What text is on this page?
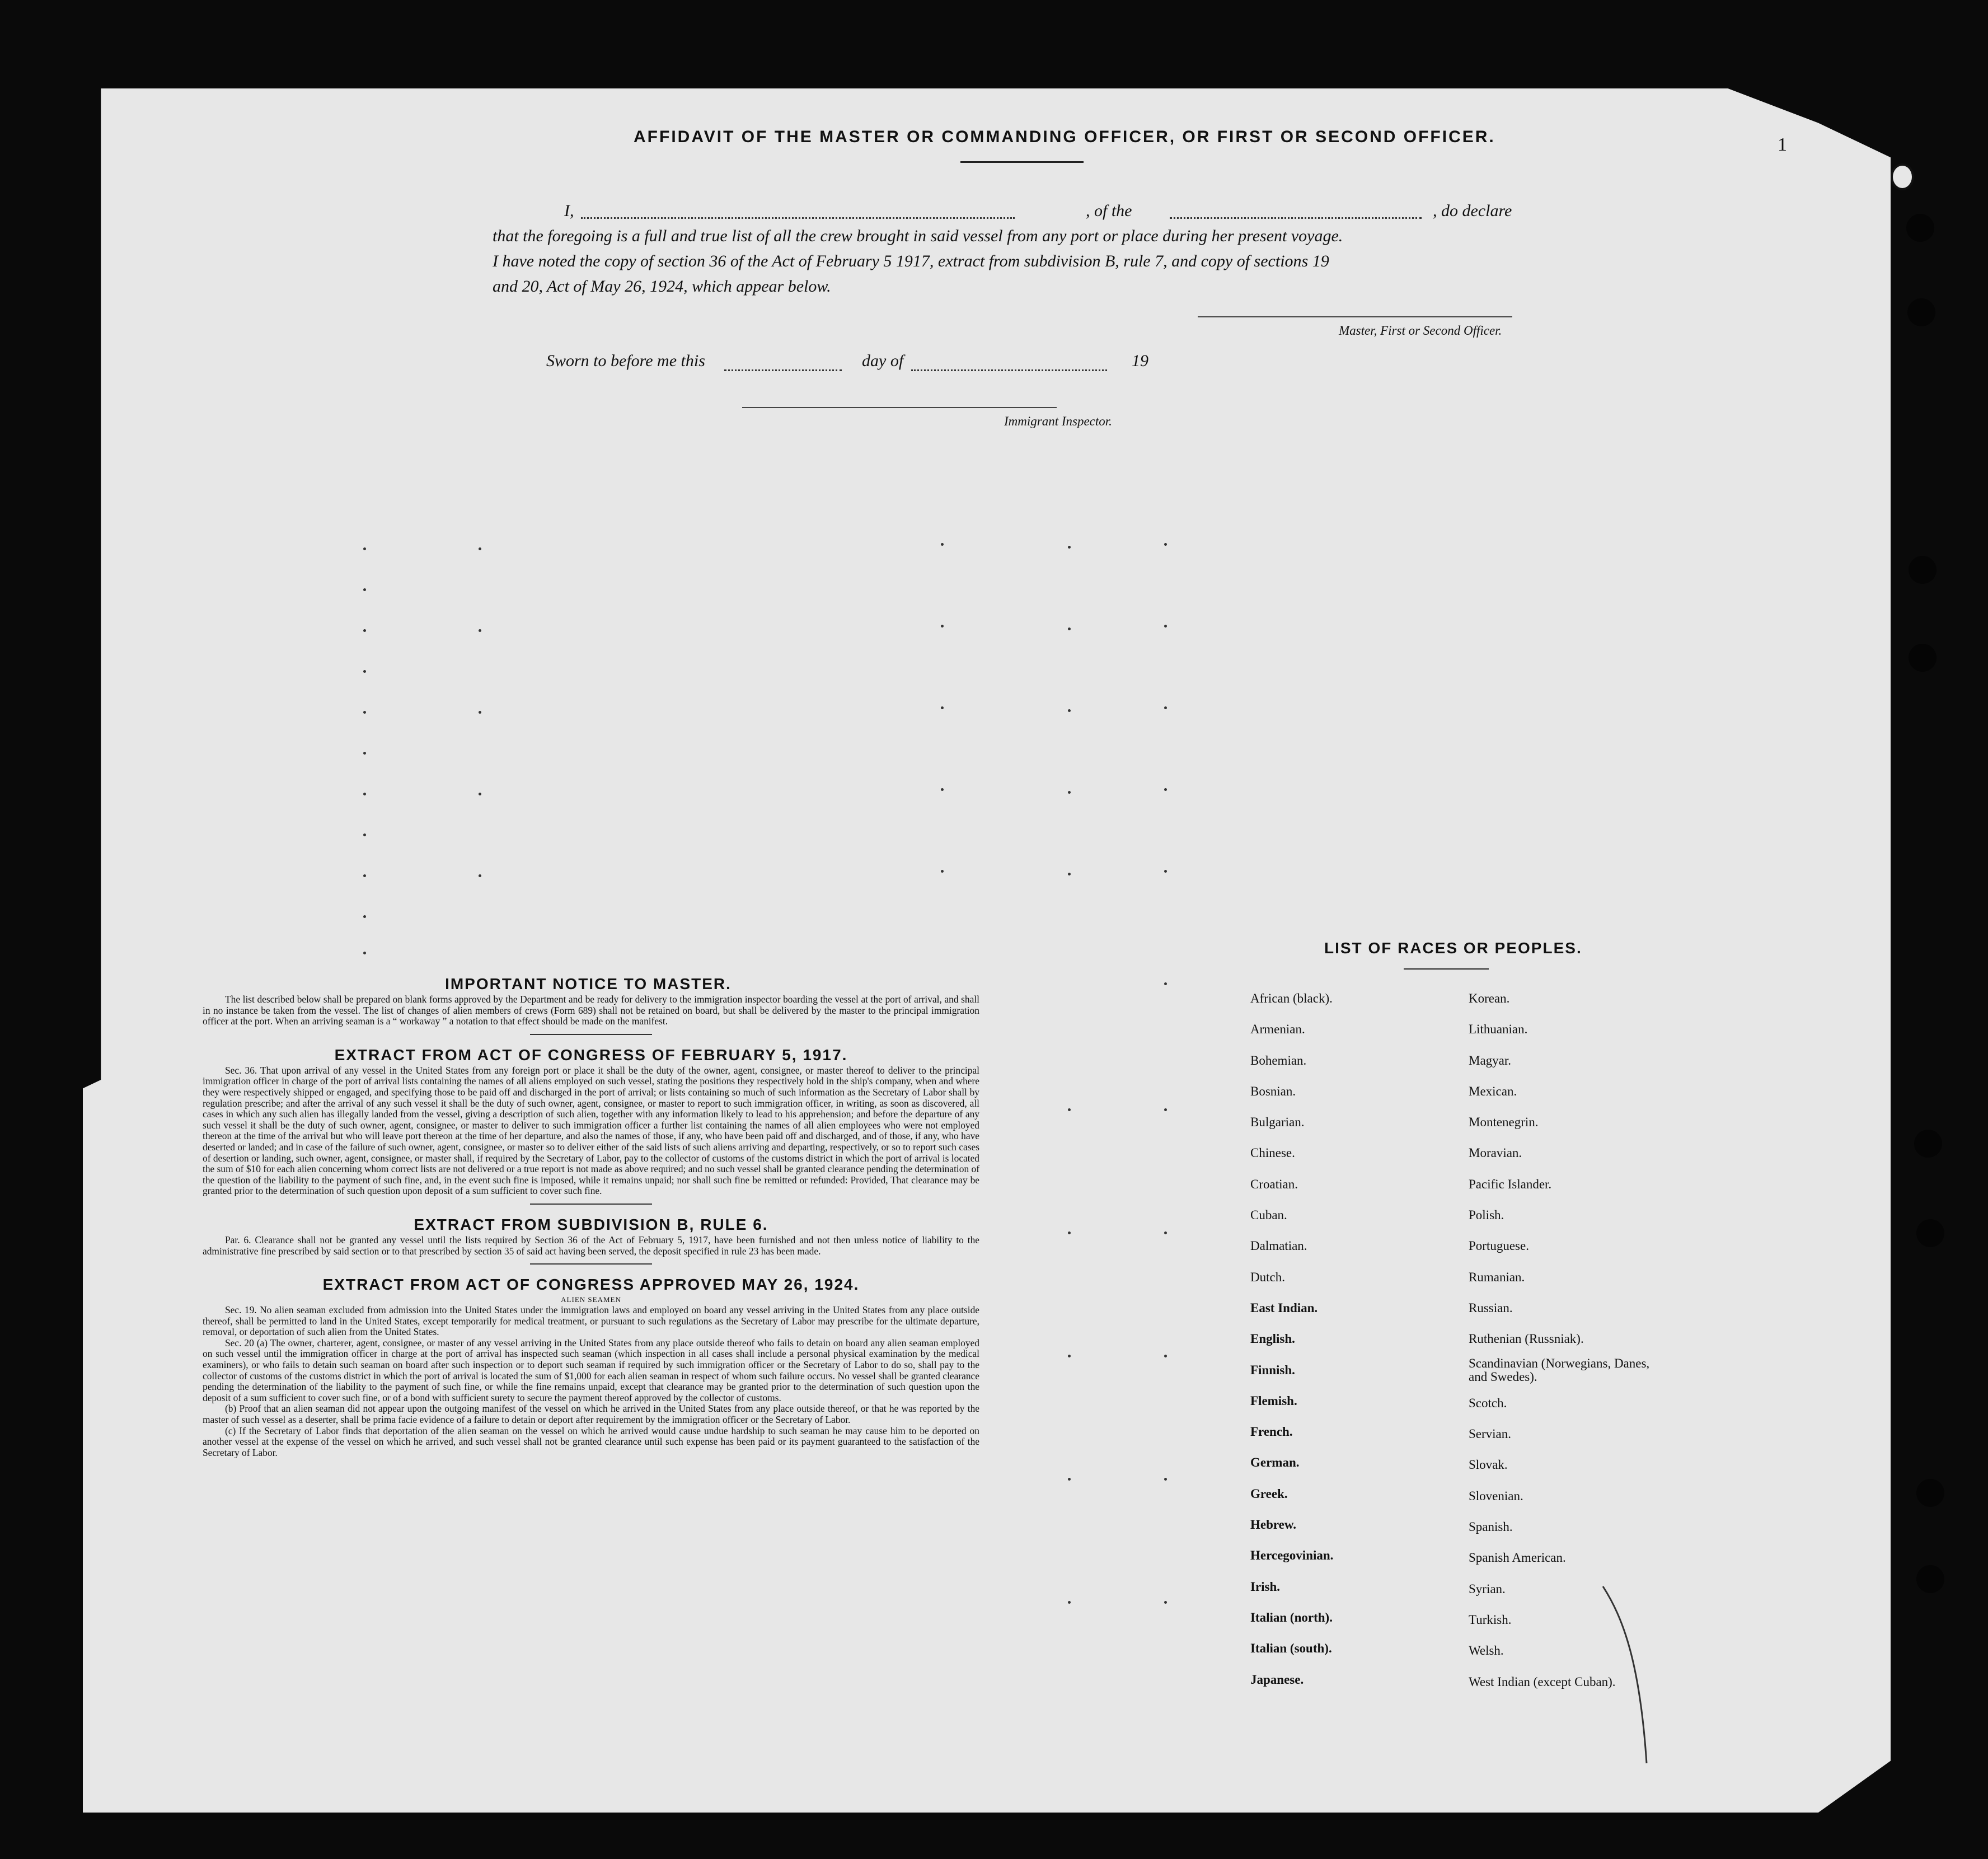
1
AFFIDAVIT OF THE MASTER OR COMMANDING OFFICER, OR FIRST OR SECOND OFFICER.
I,	, of the	, do declare
that the foregoing is a full and true list of all the crew brought in said vessel from any port or place during her present voyage.
I have noted the copy of section 36 of the Act of February 5 1917, extract from subdivision B, rule 7, and copy of sections 19
and 20, Act of May 26, 1924, which appear below.
Master, First or Second Officer.
Sworn to before me this	day of	19
Immigrant Inspector.
IMPORTANT NOTICE TO MASTER.

The list described below shall be prepared on blank forms approved by the Department and be ready for delivery to the immigration inspector boarding the vessel at the port of arrival, and shall in no instance be taken from the vessel. The list of changes of alien members of crews (Form 689) shall not be retained on board, but shall be delivered by the master to the principal immigration officer at the port. When an arriving seaman is a “ workaway ” a notation to that effect should be made on the manifest.

EXTRACT FROM ACT OF CONGRESS OF FEBRUARY 5, 1917.

Sec. 36. That upon arrival of any vessel in the United States from any foreign port or place it shall be the duty of the owner, agent, consignee, or master thereof to deliver to the principal immigration officer in charge of the port of arrival lists containing the names of all aliens employed on such vessel, stating the positions they respectively hold in the ship's company, when and where they were respectively shipped or engaged, and specifying those to be paid off and discharged in the port of arrival; or lists containing so much of such information as the Secretary of Labor shall by regulation prescribe; and after the arrival of any such vessel it shall be the duty of such owner, agent, consignee, or master to report to such immigration officer, in writing, as soon as discovered, all cases in which any such alien has illegally landed from the vessel, giving a description of such alien, together with any information likely to lead to his apprehension; and before the departure of any such vessel it shall be the duty of such owner, agent, consignee, or master to deliver to such immigration officer a further list containing the names of all alien employees who were not employed thereon at the time of the arrival but who will leave port thereon at the time of her departure, and also the names of those, if any, who have been paid off and discharged, and of those, if any, who have deserted or landed; and in case of the failure of such owner, agent, consignee, or master so to deliver either of the said lists of such aliens arriving and departing, respectively, or so to report such cases of desertion or landing, such owner, agent, consignee, or master shall, if required by the Secretary of Labor, pay to the collector of customs of the customs district in which the port of arrival is located the sum of $10 for each alien concerning whom correct lists are not delivered or a true report is not made as above required; and no such vessel shall be granted clearance pending the determination of the question of the liability to the payment of such fine, and, in the event such fine is imposed, while it remains unpaid; nor shall such fine be remitted or refunded: Provided, That clearance may be granted prior to the determination of such question upon deposit of a sum sufficient to cover such fine.

EXTRACT FROM SUBDIVISION B, RULE 6.

Par. 6. Clearance shall not be granted any vessel until the lists required by Section 36 of the Act of February 5, 1917, have been furnished and not then unless notice of liability to the administrative fine prescribed by said section or to that prescribed by section 35 of said act having been served, the deposit specified in rule 23 has been made.

EXTRACT FROM ACT OF CONGRESS APPROVED MAY 26, 1924.
ALIEN SEAMEN

Sec. 19. No alien seaman excluded from admission into the United States under the immigration laws and employed on board any vessel arriving in the United States from any place outside thereof, shall be permitted to land in the United States, except temporarily for medical treatment, or pursuant to such regulations as the Secretary of Labor may prescribe for the ultimate departure, removal, or deportation of such alien from the United States.

Sec. 20 (a) The owner, charterer, agent, consignee, or master of any vessel arriving in the United States from any place outside thereof who fails to detain on board any alien seaman employed on such vessel until the immigration officer in charge at the port of arrival has inspected such seaman (which inspection in all cases shall include a personal physical examination by the medical examiners), or who fails to detain such seaman on board after such inspection or to deport such seaman if required by such immigration officer or the Secretary of Labor to do so, shall pay to the collector of customs of the customs district in which the port of arrival is located the sum of $1,000 for each alien seaman in respect of whom such failure occurs. No vessel shall be granted clearance pending the determination of the liability to the payment of such fine, or while the fine remains unpaid, except that clearance may be granted prior to the determination of such question upon the deposit of a sum sufficient to cover such fine, or of a bond with sufficient surety to secure the payment thereof approved by the collector of customs.

(b) Proof that an alien seaman did not appear upon the outgoing manifest of the vessel on which he arrived in the United States from any place outside thereof, or that he was reported by the master of such vessel as a deserter, shall be prima facie evidence of a failure to detain or deport after requirement by the immigration officer or the Secretary of Labor.

(c) If the Secretary of Labor finds that deportation of the alien seaman on the vessel on which he arrived would cause undue hardship to such seaman he may cause him to be deported on another vessel at the expense of the vessel on which he arrived, and such vessel shall not be granted clearance until such expense has been paid or its payment guaranteed to the satisfaction of the Secretary of Labor.

LIST OF RACES OR PEOPLES.
African (black).
Armenian.
Bohemian.
Bosnian.
Bulgarian.
Chinese.
Croatian.
Cuban.
Dalmatian.
Dutch.
East Indian.
English.
Finnish.
Flemish.
French.
German.
Greek.
Hebrew.
Hercegovinian.
Irish.
Italian (north).
Italian (south).
Japanese.
Korean.
Lithuanian.
Magyar.
Mexican.
Montenegrin.
Moravian.
Pacific Islander.
Polish.
Portuguese.
Rumanian.
Russian.
Ruthenian (Russniak).
Scandinavian (Norwegians, Danes, and Swedes).
Scotch.
Servian.
Slovak.
Slovenian.
Spanish.
Spanish American.
Syrian.
Turkish.
Welsh.
West Indian (except Cuban).
